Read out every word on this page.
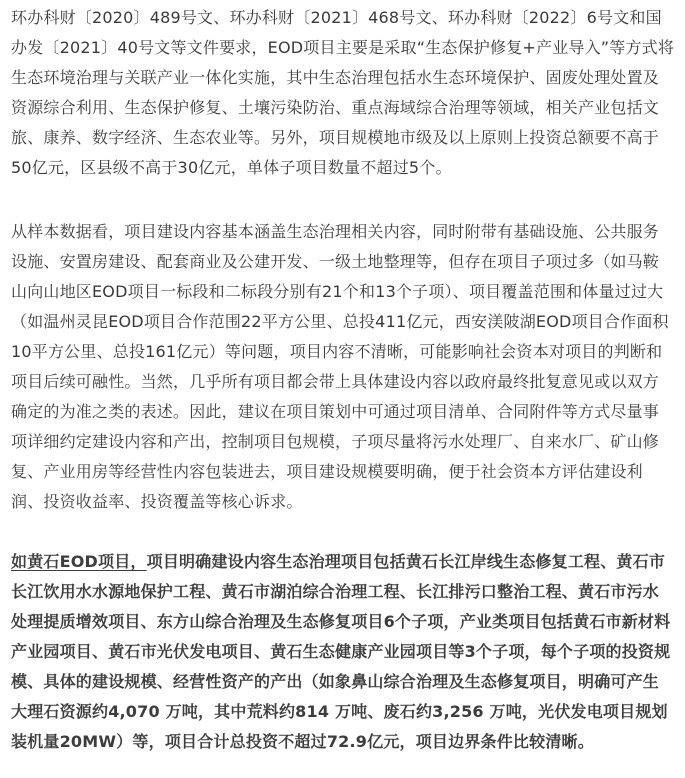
环办科财〔2020〕489号文、环办科财〔2021〕468号文、环办科财〔2022〕6号文和国办发〔2021〕40号文等文件要求，EOD项目主要是采取“生态保护修复+产业导入”等方式将生态环境治理与关联产业一体化实施，其中生态治理包括水生态环境保护、固废处理处置及资源综合利用、生态保护修复、土壤污染防治、重点海域综合治理等领域，相关产业包括文旅、康养、数字经济、生态农业等。另外，项目规模地市级及以上原则上投资总额要不高于50亿元，区县级不高于30亿元，单体子项目数量不超过5个。

从样本数据看，项目建设内容基本涵盖生态治理相关内容，同时附带有基础设施、公共服务设施、安置房建设、配套商业及公建开发、一级土地整理等，但存在项目子项过多（如马鞍山向山地区EOD项目一标段和二标段分别有21个和13个子项）、项目覆盖范围和体量过过大（如温州灵昆EOD项目合作范围22平方公里、总投411亿元，西安渼陂湖EOD项目合作面积10平方公里、总投161亿元）等问题，项目内容不清晰，可能影响社会资本对项目的判断和项目后续可融性。当然，几乎所有项目都会带上具体建设内容以政府最终批复意见或以双方确定的为准之类的表述。因此，建议在项目策划中可通过项目清单、合同附件等方式尽量事项详细约定建设内容和产出，控制项目包规模，子项尽量将污水处理厂、自来水厂、矿山修复、产业用房等经营性内容包装进去，项目建设规模要明确，便于社会资本方评估建设利润、投资收益率、投资覆盖等核心诉求。

如黄石EOD项目，项目明确建设内容生态治理项目包括黄石长江岸线生态修复工程、黄石市长江饮用水水源地保护工程、黄石市湖泊综合治理工程、长江排污口整治工程、黄石市污水处理提质增效项目、东方山综合治理及生态修复项目6个子项，产业类项目包括黄石市新材料产业园项目、黄石市光伏发电项目、黄石生态健康产业园项目等3个子项，每个子项的投资规模、具体的建设规模、经营性资产的产出（如象鼻山综合治理及生态修复项目，明确可产生大理石资源约4,070 万吨，其中荒料约814 万吨、废石约3,256 万吨，光伏发电项目规划装机量20MW）等，项目合计总投资不超过72.9亿元，项目边界条件比较清晰。
